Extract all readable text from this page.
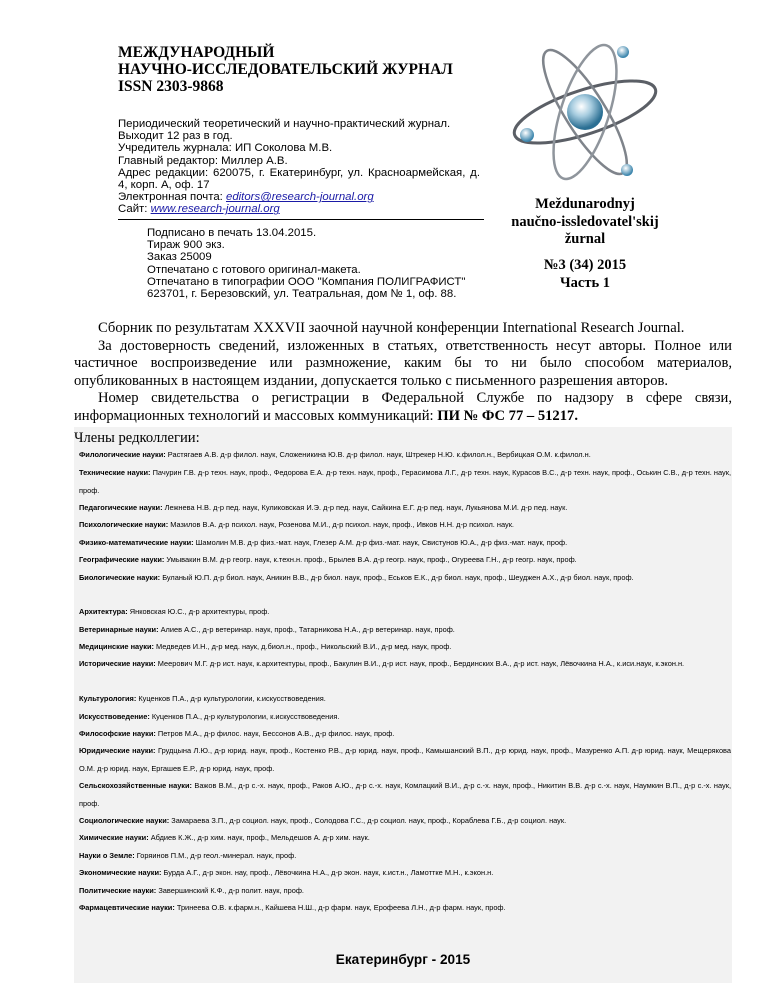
МЕЖДУНАРОДНЫЙ
НАУЧНО-ИССЛЕДОВАТЕЛЬСКИЙ ЖУРНАЛ
ISSN 2303-9868
Периодический теоретический и научно-практический журнал.
Выходит 12 раз в год.
Учредитель журнала: ИП Соколова М.В.
Главный редактор: Миллер А.В.
Адрес редакции: 620075, г. Екатеринбург, ул. Красноармейская, д. 4, корп. А, оф. 17
Электронная почта: editors@research-journal.org
Сайт: www.research-journal.org
Подписано в печать 13.04.2015.
Тираж 900 экз.
Заказ 25009
Отпечатано с готового оригинал-макета.
Отпечатано в типографии ООО "Компания ПОЛИГРАФИСТ"
623701, г. Березовский, ул. Театральная, дом № 1, оф. 88.
Meždunarodnyj
naučno-issledovatel'skij
žurnal
№3 (34) 2015
Часть 1

Сборник по результатам XXXVII заочной научной конференции International Research Journal.

За достоверность сведений, изложенных в статьях, ответственность несут авторы. Полное или частичное воспроизведение или размножение, каким бы то ни было способом материалов, опубликованных в настоящем издании, допускается только с письменного разрешения авторов.

Номер свидетельства о регистрации в Федеральной Службе по надзору в сфере связи, информационных технологий и массовых коммуникаций: ПИ № ФС 77 – 51217.

Члены редколлегии:
Филологические науки: Растягаев А.В. д-р филол. наук, Сложеникина Ю.В. д-р филол. наук, Штрекер Н.Ю. к.филол.н., Вербицкая О.М. к.филол.н.
Технические науки: Пачурин Г.В. д-р техн. наук, проф., Федорова Е.А. д-р техн. наук, проф., Герасимова Л.Г., д-р техн. наук, Курасов В.С., д-р техн. наук, проф., Оськин С.В., д-р техн. наук, проф.
Педагогические науки: Лежнева Н.В. д-р пед. наук, Куликовская И.Э. д-р пед. наук, Сайкина Е.Г. д-р пед. наук, Лукьянова М.И. д-р пед. наук.
Психологические науки: Мазилов В.А. д-р психол. наук, Розенова М.И., д-р психол. наук, проф., Ивков Н.Н. д-р психол. наук.
Физико-математические науки: Шамолин М.В. д-р физ.-мат. наук, Глезер А.М. д-р физ.-мат. наук, Свистунов Ю.А., д-р физ.-мат. наук, проф.
Географические науки: Умывакин В.М. д-р геогр. наук, к.техн.н. проф., Брылев В.А. д-р геогр. наук, проф., Огуреева Г.Н., д-р геогр. наук, проф.
Биологические науки: Буланый Ю.П. д-р биол. наук, Аникин В.В., д-р биол. наук, проф., Еськов Е.К., д-р биол. наук, проф., Шеуджен А.Х., д-р биол. наук, проф.
Архитектура: Янковская Ю.С., д-р архитектуры, проф.
Ветеринарные науки: Алиев А.С., д-р ветеринар. наук, проф., Татарникова Н.А., д-р ветеринар. наук, проф.
Медицинские науки: Медведев И.Н., д-р мед. наук, д.биол.н., проф., Никольский В.И., д-р мед. наук, проф.
Исторические науки: Меерович М.Г. д-р ист. наук, к.архитектуры, проф., Бакулин В.И., д-р ист. наук, проф., Бердинских В.А., д-р ист. наук, Лёвочкина Н.А., к.иси.наук, к.экон.н.
Культурология: Куценков П.А., д-р культурологии, к.искусствоведения.
Искусствоведение: Куценков П.А., д-р культурологии, к.искусствоведения.
Философские науки: Петров М.А., д-р филос. наук, Бессонов А.В., д-р филос. наук, проф.
Юридические науки: Грудцына Л.Ю., д-р юрид. наук, проф., Костенко Р.В., д-р юрид. наук, проф., Камышанский В.П., д-р юрид. наук, проф., Мазуренко А.П. д-р юрид. наук, Мещерякова О.М. д-р юрид. наук, Ергашев Е.Р., д-р юрид. наук, проф.
Сельскохозяйственные науки: Важов В.М., д-р с.-х. наук, проф., Раков А.Ю., д-р с.-х. наук, Комлацкий В.И., д-р с.-х. наук, проф., Никитин В.В. д-р с.-х. наук, Наумкин В.П., д-р с.-х. наук, проф.
Социологические науки: Замараева З.П., д-р социол. наук, проф., Солодова Г.С., д-р социол. наук, проф., Кораблева Г.Б., д-р социол. наук.
Химические науки: Абдиев К.Ж., д-р хим. наук, проф., Мельдешов А. д-р хим. наук.
Науки о Земле: Горяинов П.М., д-р геол.-минерал. наук, проф.
Экономические науки: Бурда А.Г., д-р экон. нау, проф., Лёвочкина Н.А., д-р экон. наук, к.ист.н., Ламоттке М.Н., к.экон.н.
Политические науки: Завершинский К.Ф., д-р полит. наук, проф.
Фармацевтические науки: Тринеева О.В. к.фарм.н., Кайшева Н.Ш., д-р фарм. наук, Ерофеева Л.Н., д-р фарм. наук, проф.
Екатеринбург - 2015
